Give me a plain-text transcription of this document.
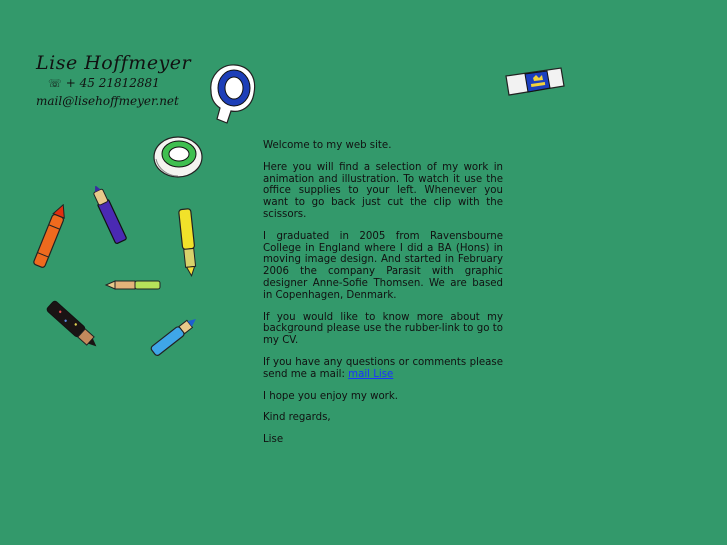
Lise Hoffmeyer
☏ + 45 21812881
mail@lisehoffmeyer.net

Welcome to my web site.

Here you will find a selection of my work in animation and illustration. To watch it use the office supplies to your left. Whenever you want to go back just cut the clip with the scissors.

I graduated in 2005 from Ravensbourne College in England where I did a BA (Hons) in moving image design. And started in February 2006 the company Parasit with graphic designer Anne-Sofie Thomsen. We are based in Copenhagen, Denmark.

If you would like to know more about my background please use the rubber-link to go to my CV.

If you have any questions or comments please send me a mail: mail Lise

I hope you enjoy my work.

Kind regards,

Lise
